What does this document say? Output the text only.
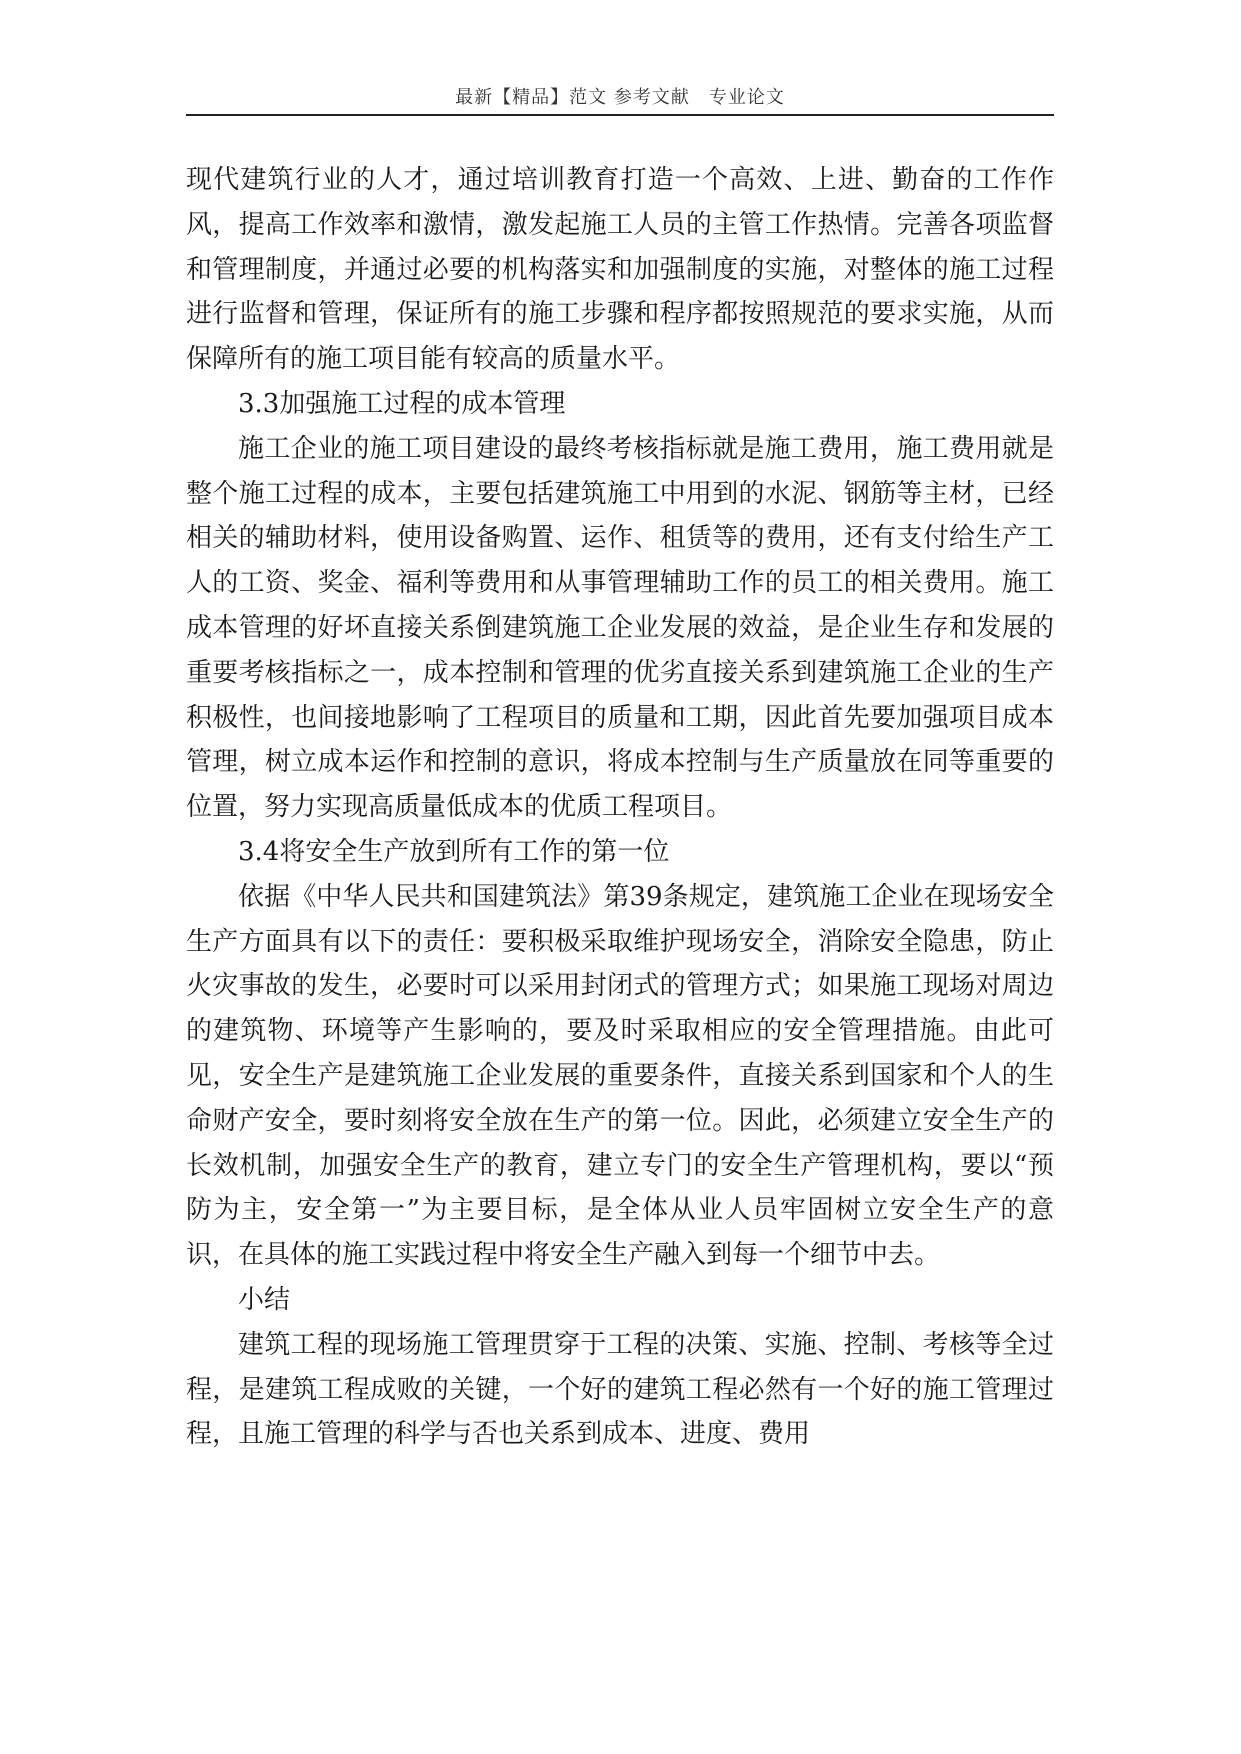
最新【精品】范文 参考文献　专业论文

现代建筑行业的人才，通过培训教育打造一个高效、上进、勤奋的工作作风，提高工作效率和激情，激发起施工人员的主管工作热情。完善各项监督和管理制度，并通过必要的机构落实和加强制度的实施，对整体的施工过程进行监督和管理，保证所有的施工步骤和程序都按照规范的要求实施，从而保障所有的施工项目能有较高的质量水平。

3.3加强施工过程的成本管理

施工企业的施工项目建设的最终考核指标就是施工费用，施工费用就是整个施工过程的成本，主要包括建筑施工中用到的水泥、钢筋等主材，已经相关的辅助材料，使用设备购置、运作、租赁等的费用，还有支付给生产工人的工资、奖金、福利等费用和从事管理辅助工作的员工的相关费用。施工成本管理的好坏直接关系倒建筑施工企业发展的效益，是企业生存和发展的重要考核指标之一，成本控制和管理的优劣直接关系到建筑施工企业的生产积极性，也间接地影响了工程项目的质量和工期，因此首先要加强项目成本管理，树立成本运作和控制的意识，将成本控制与生产质量放在同等重要的位置，努力实现高质量低成本的优质工程项目。

3.4将安全生产放到所有工作的第一位

依据《中华人民共和国建筑法》第39条规定，建筑施工企业在现场安全生产方面具有以下的责任：要积极采取维护现场安全，消除安全隐患，防止火灾事故的发生，必要时可以采用封闭式的管理方式；如果施工现场对周边的建筑物、环境等产生影响的，要及时采取相应的安全管理措施。由此可见，安全生产是建筑施工企业发展的重要条件，直接关系到国家和个人的生命财产安全，要时刻将安全放在生产的第一位。因此，必须建立安全生产的长效机制，加强安全生产的教育，建立专门的安全生产管理机构，要以“预防为主，安全第一”为主要目标，是全体从业人员牢固树立安全生产的意识，在具体的施工实践过程中将安全生产融入到每一个细节中去。

小结

建筑工程的现场施工管理贯穿于工程的决策、实施、控制、考核等全过程，是建筑工程成败的关键，一个好的建筑工程必然有一个好的施工管理过程，且施工管理的科学与否也关系到成本、进度、费用
